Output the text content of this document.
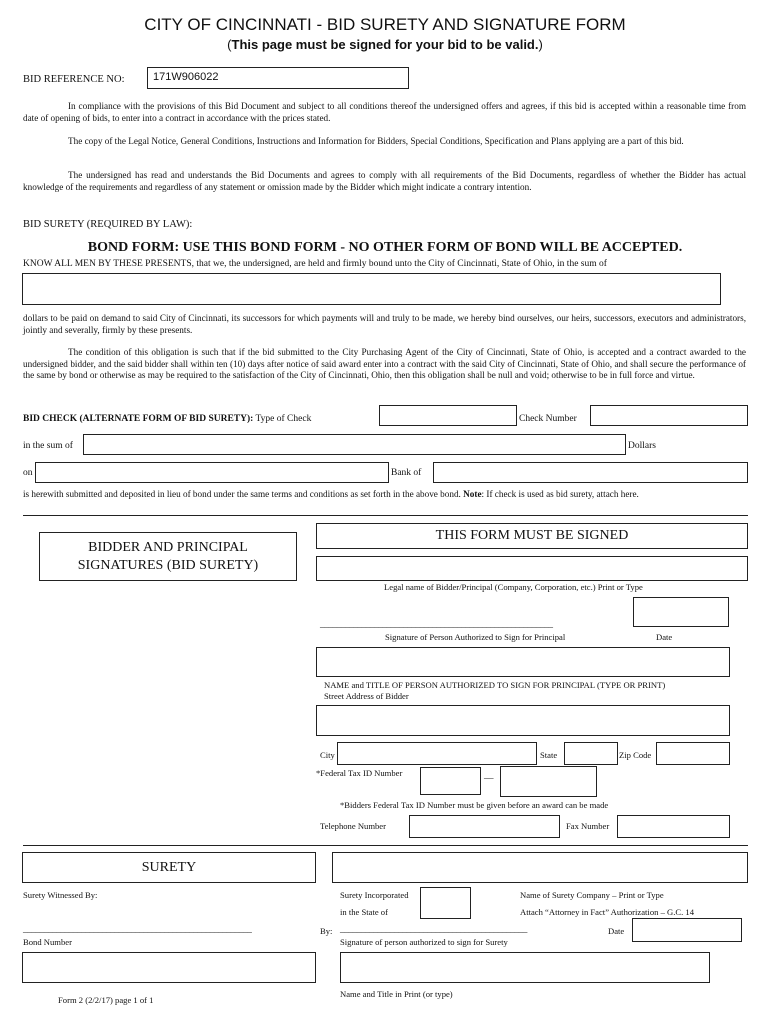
CITY OF CINCINNATI - BID SURETY AND SIGNATURE FORM
(This page must be signed for your bid to be valid.)
BID REFERENCE NO:	171W906022
In compliance with the provisions of this Bid Document and subject to all conditions thereof the undersigned offers and agrees, if this bid is accepted within a reasonable time from date of opening of bids, to enter into a contract in accordance with the prices stated.
The copy of the Legal Notice, General Conditions, Instructions and Information for Bidders, Special Conditions, Specification and Plans applying are a part of this bid.
The undersigned has read and understands the Bid Documents and agrees to comply with all requirements of the Bid Documents, regardless of whether the Bidder has actual knowledge of the requirements and regardless of any statement or omission made by the Bidder which might indicate a contrary intention.
BID SURETY (REQUIRED BY LAW):
BOND FORM: USE THIS BOND FORM - NO OTHER FORM OF BOND WILL BE ACCEPTED.
KNOW ALL MEN BY THESE PRESENTS, that we, the undersigned, are held and firmly bound unto the City of Cincinnati, State of Ohio, in the sum of
dollars to be paid on demand to said City of Cincinnati, its successors for which payments will and truly to be made, we hereby bind ourselves, our heirs, successors, executors and administrators, jointly and severally, firmly by these presents.
The condition of this obligation is such that if the bid submitted to the City Purchasing Agent of the City of Cincinnati, State of Ohio, is accepted and a contract awarded to the undersigned bidder, and the said bidder shall within ten (10) days after notice of said award enter into a contract with the said City of Cincinnati, State of Ohio, and shall secure the performance of the same by bond or otherwise as may be required to the satisfaction of the City of Cincinnati, Ohio, then this obligation shall be null and void; otherwise to be in full force and virtue.
BID CHECK (ALTERNATE FORM OF BID SURETY): Type of Check	Check Number
in the sum of	Dollars
on	Bank of
is herewith submitted and deposited in lieu of bond under the same terms and conditions as set forth in the above bond. Note: If check is used as bid surety, attach here.
BIDDER AND PRINCIPAL
SIGNATURES (BID SURETY)
THIS FORM MUST BE SIGNED
Legal name of Bidder/Principal (Company, Corporation, etc.) Print or Type
________________________________________________________
Signature of Person Authorized to Sign for Principal	Date
NAME and TITLE OF PERSON AUTHORIZED TO SIGN FOR PRINCIPAL (TYPE OR PRINT)
Street Address of Bidder
City	State	Zip Code
*Federal Tax ID Number
—
*Bidders Federal Tax ID Number must be given before an award can be made
Telephone Number	Fax Number
SURETY
Surety Witnessed By:	Surety Incorporated
in the State of
Name of Surety Company – Print or Type
Attach “Attorney in Fact” Authorization – G.C. 14
_______________________________________________________	By: _____________________________________________	Date
Bond Number	Signature of person authorized to sign for Surety
Name and Title in Print (or type)
Form 2 (2/2/17) page 1 of 1
